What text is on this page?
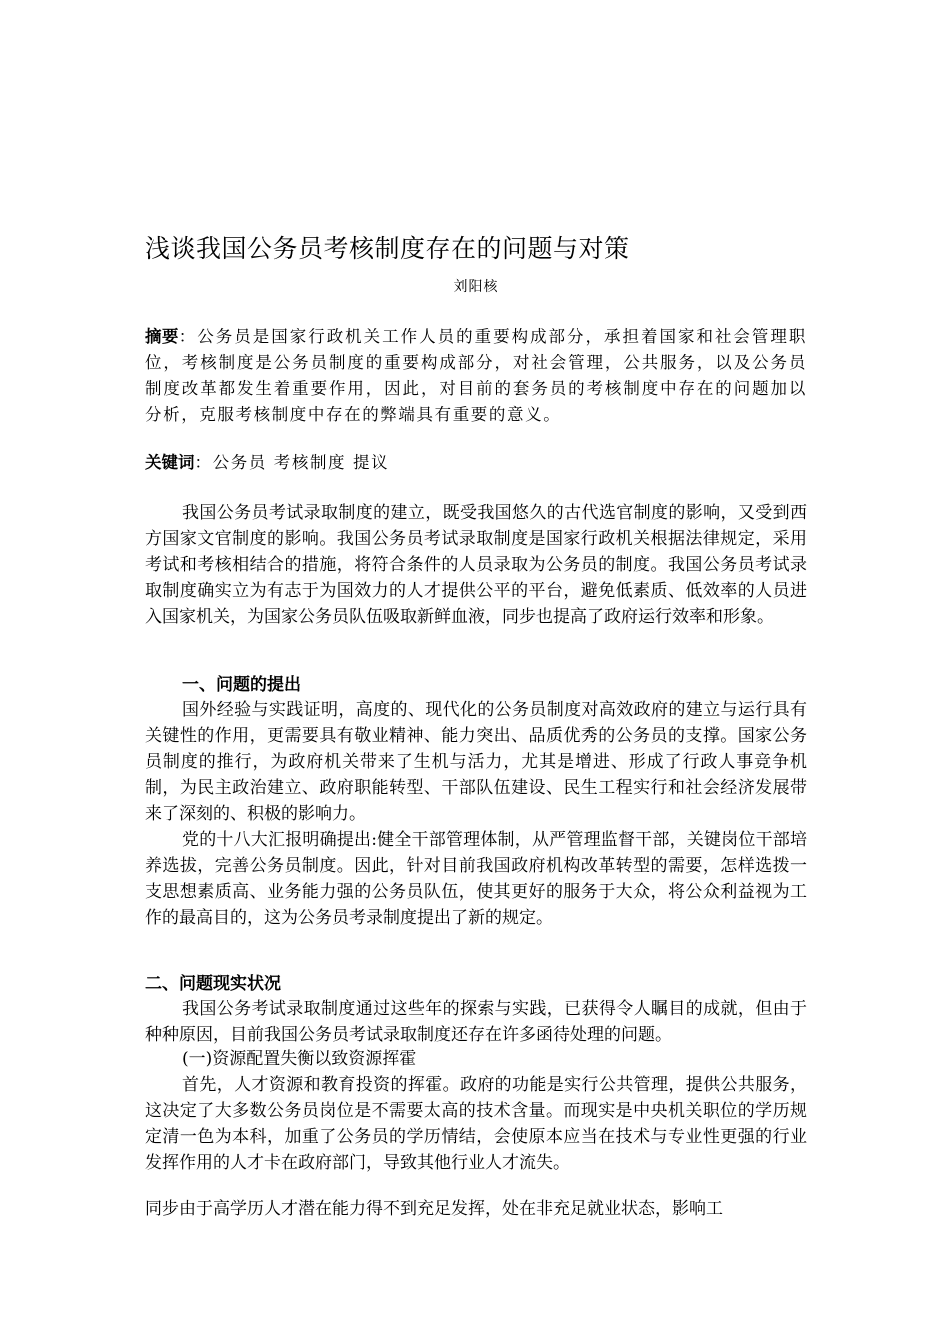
浅谈我国公务员考核制度存在的问题与对策
刘阳核
摘要：公务员是国家行政机关工作人员的重要构成部分，承担着国家和社会管理职位，考核制度是公务员制度的重要构成部分，对社会管理，公共服务，以及公务员制度改革都发生着重要作用，因此，对目前的套务员的考核制度中存在的问题加以分析，克服考核制度中存在的弊端具有重要的意义。
关键词：公务员 考核制度 提议

我国公务员考试录取制度的建立，既受我国悠久的古代选官制度的影响，又受到西方国家文官制度的影响。我国公务员考试录取制度是国家行政机关根据法律规定，采用考试和考核相结合的措施，将符合条件的人员录取为公务员的制度。我国公务员考试录取制度确实立为有志于为国效力的人才提供公平的平台，避免低素质、低效率的人员进入国家机关，为国家公务员队伍吸取新鲜血液，同步也提高了政府运行效率和形象。

一、问题的提出

国外经验与实践证明，高度的、现代化的公务员制度对高效政府的建立与运行具有关键性的作用，更需要具有敬业精神、能力突出、品质优秀的公务员的支撑。国家公务员制度的推行，为政府机关带来了生机与活力，尤其是增进、形成了行政人事竞争机制，为民主政治建立、政府职能转型、干部队伍建设、民生工程实行和社会经济发展带来了深刻的、积极的影响力。

党的十八大汇报明确提出:健全干部管理体制，从严管理监督干部，关键岗位干部培养选拔，完善公务员制度。因此，针对目前我国政府机构改革转型的需要，怎样选拨一支思想素质高、业务能力强的公务员队伍，使其更好的服务于大众，将公众利益视为工作的最高目的，这为公务员考录制度提出了新的规定。

二、问题现实状况

我国公务考试录取制度通过这些年的探索与实践，已获得令人瞩目的成就，但由于种种原因，目前我国公务员考试录取制度还存在许多函待处理的问题。

(一)资源配置失衡以致资源挥霍

首先，人才资源和教育投资的挥霍。政府的功能是实行公共管理，提供公共服务，这决定了大多数公务员岗位是不需要太高的技术含量。而现实是中央机关职位的学历规定清一色为本科，加重了公务员的学历情结，会使原本应当在技术与专业性更强的行业发挥作用的人才卡在政府部门，导致其他行业人才流失。

同步由于高学历人才潜在能力得不到充足发挥，处在非充足就业状态，影响工
